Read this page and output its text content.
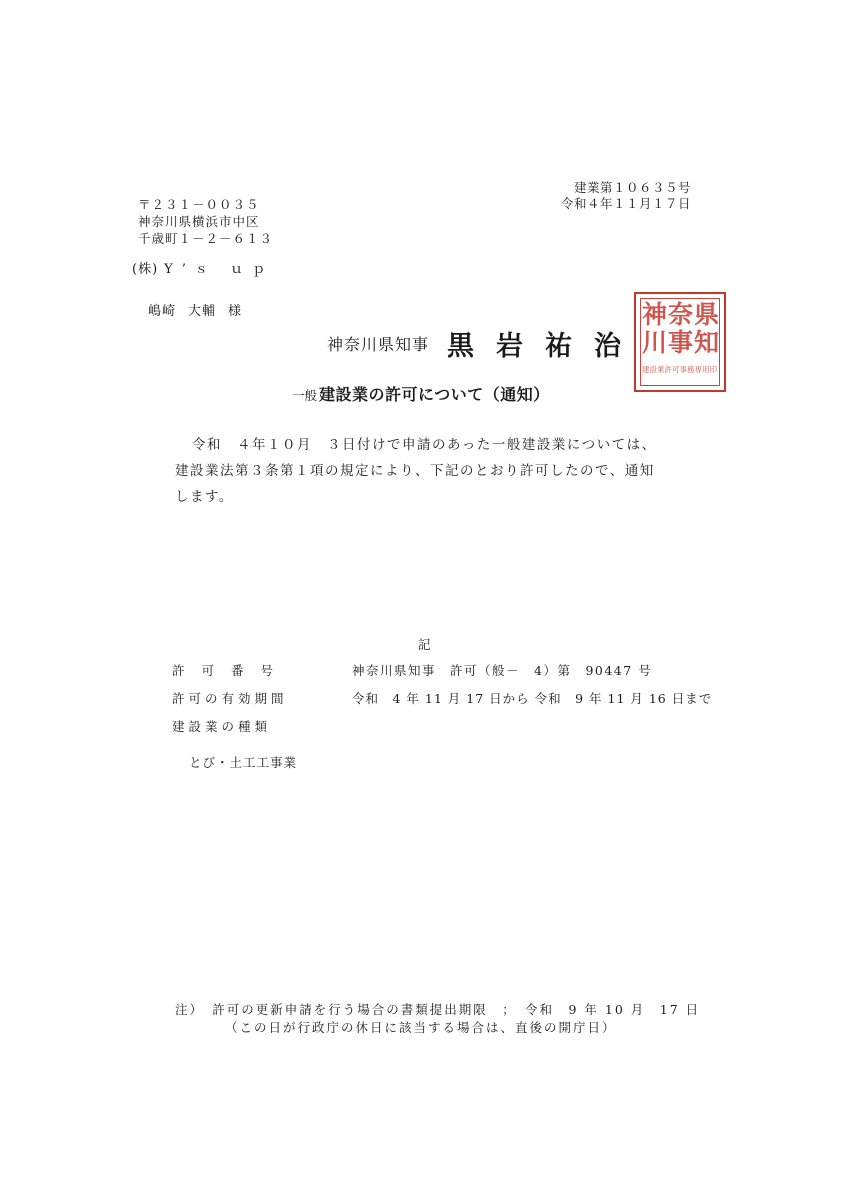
建業第１０６３５号
令和４年１１月１７日
〒２３１－００３５
神奈川県横浜市中区
千歳町１－２－６１３
(株) Y’ｓ ｕｐ
嶋崎 大輔 様
神奈川県知事 黒岩祐治
神 奈 県
川 事 知
建設業許可事務専用印
一般 建設業の許可について（通知）
令和　４年１０月　３日付けで申請のあった一般建設業については、
建設業法第３条第１項の規定により、下記のとおり許可したので、通知
します。
記
許可番号	神奈川県知事　許可（般－　4）第　90447 号
許可の有効期間	令和　4 年 11 月 17 日から 令和　9 年 11 月 16 日まで
建設業の種類
とび・土工工事業
注）　許可の更新申請を行う場合の書類提出期限　；　令和　9 年 10 月　17 日
（この日が行政庁の休日に該当する場合は、直後の開庁日）
